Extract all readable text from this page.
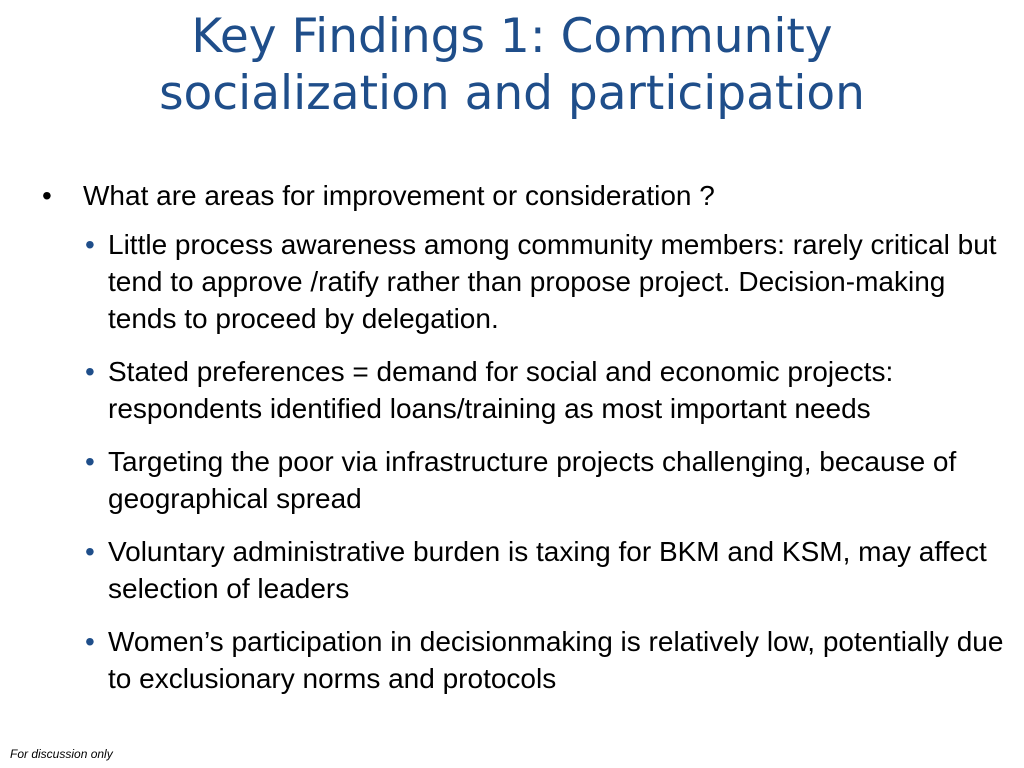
Key Findings 1: Community
socialization and participation
• What are areas for improvement or consideration ?
• Little process awareness among community members: rarely critical but tend to approve /ratify rather than propose project. Decision-making tends to proceed by delegation.
• Stated preferences = demand for social and economic projects: respondents identified loans/training as most important needs
• Targeting the poor via infrastructure projects challenging, because of geographical spread
• Voluntary administrative burden is taxing for BKM and KSM, may affect selection of leaders
• Women’s participation in decisionmaking is relatively low, potentially due to exclusionary norms and protocols
For discussion only
